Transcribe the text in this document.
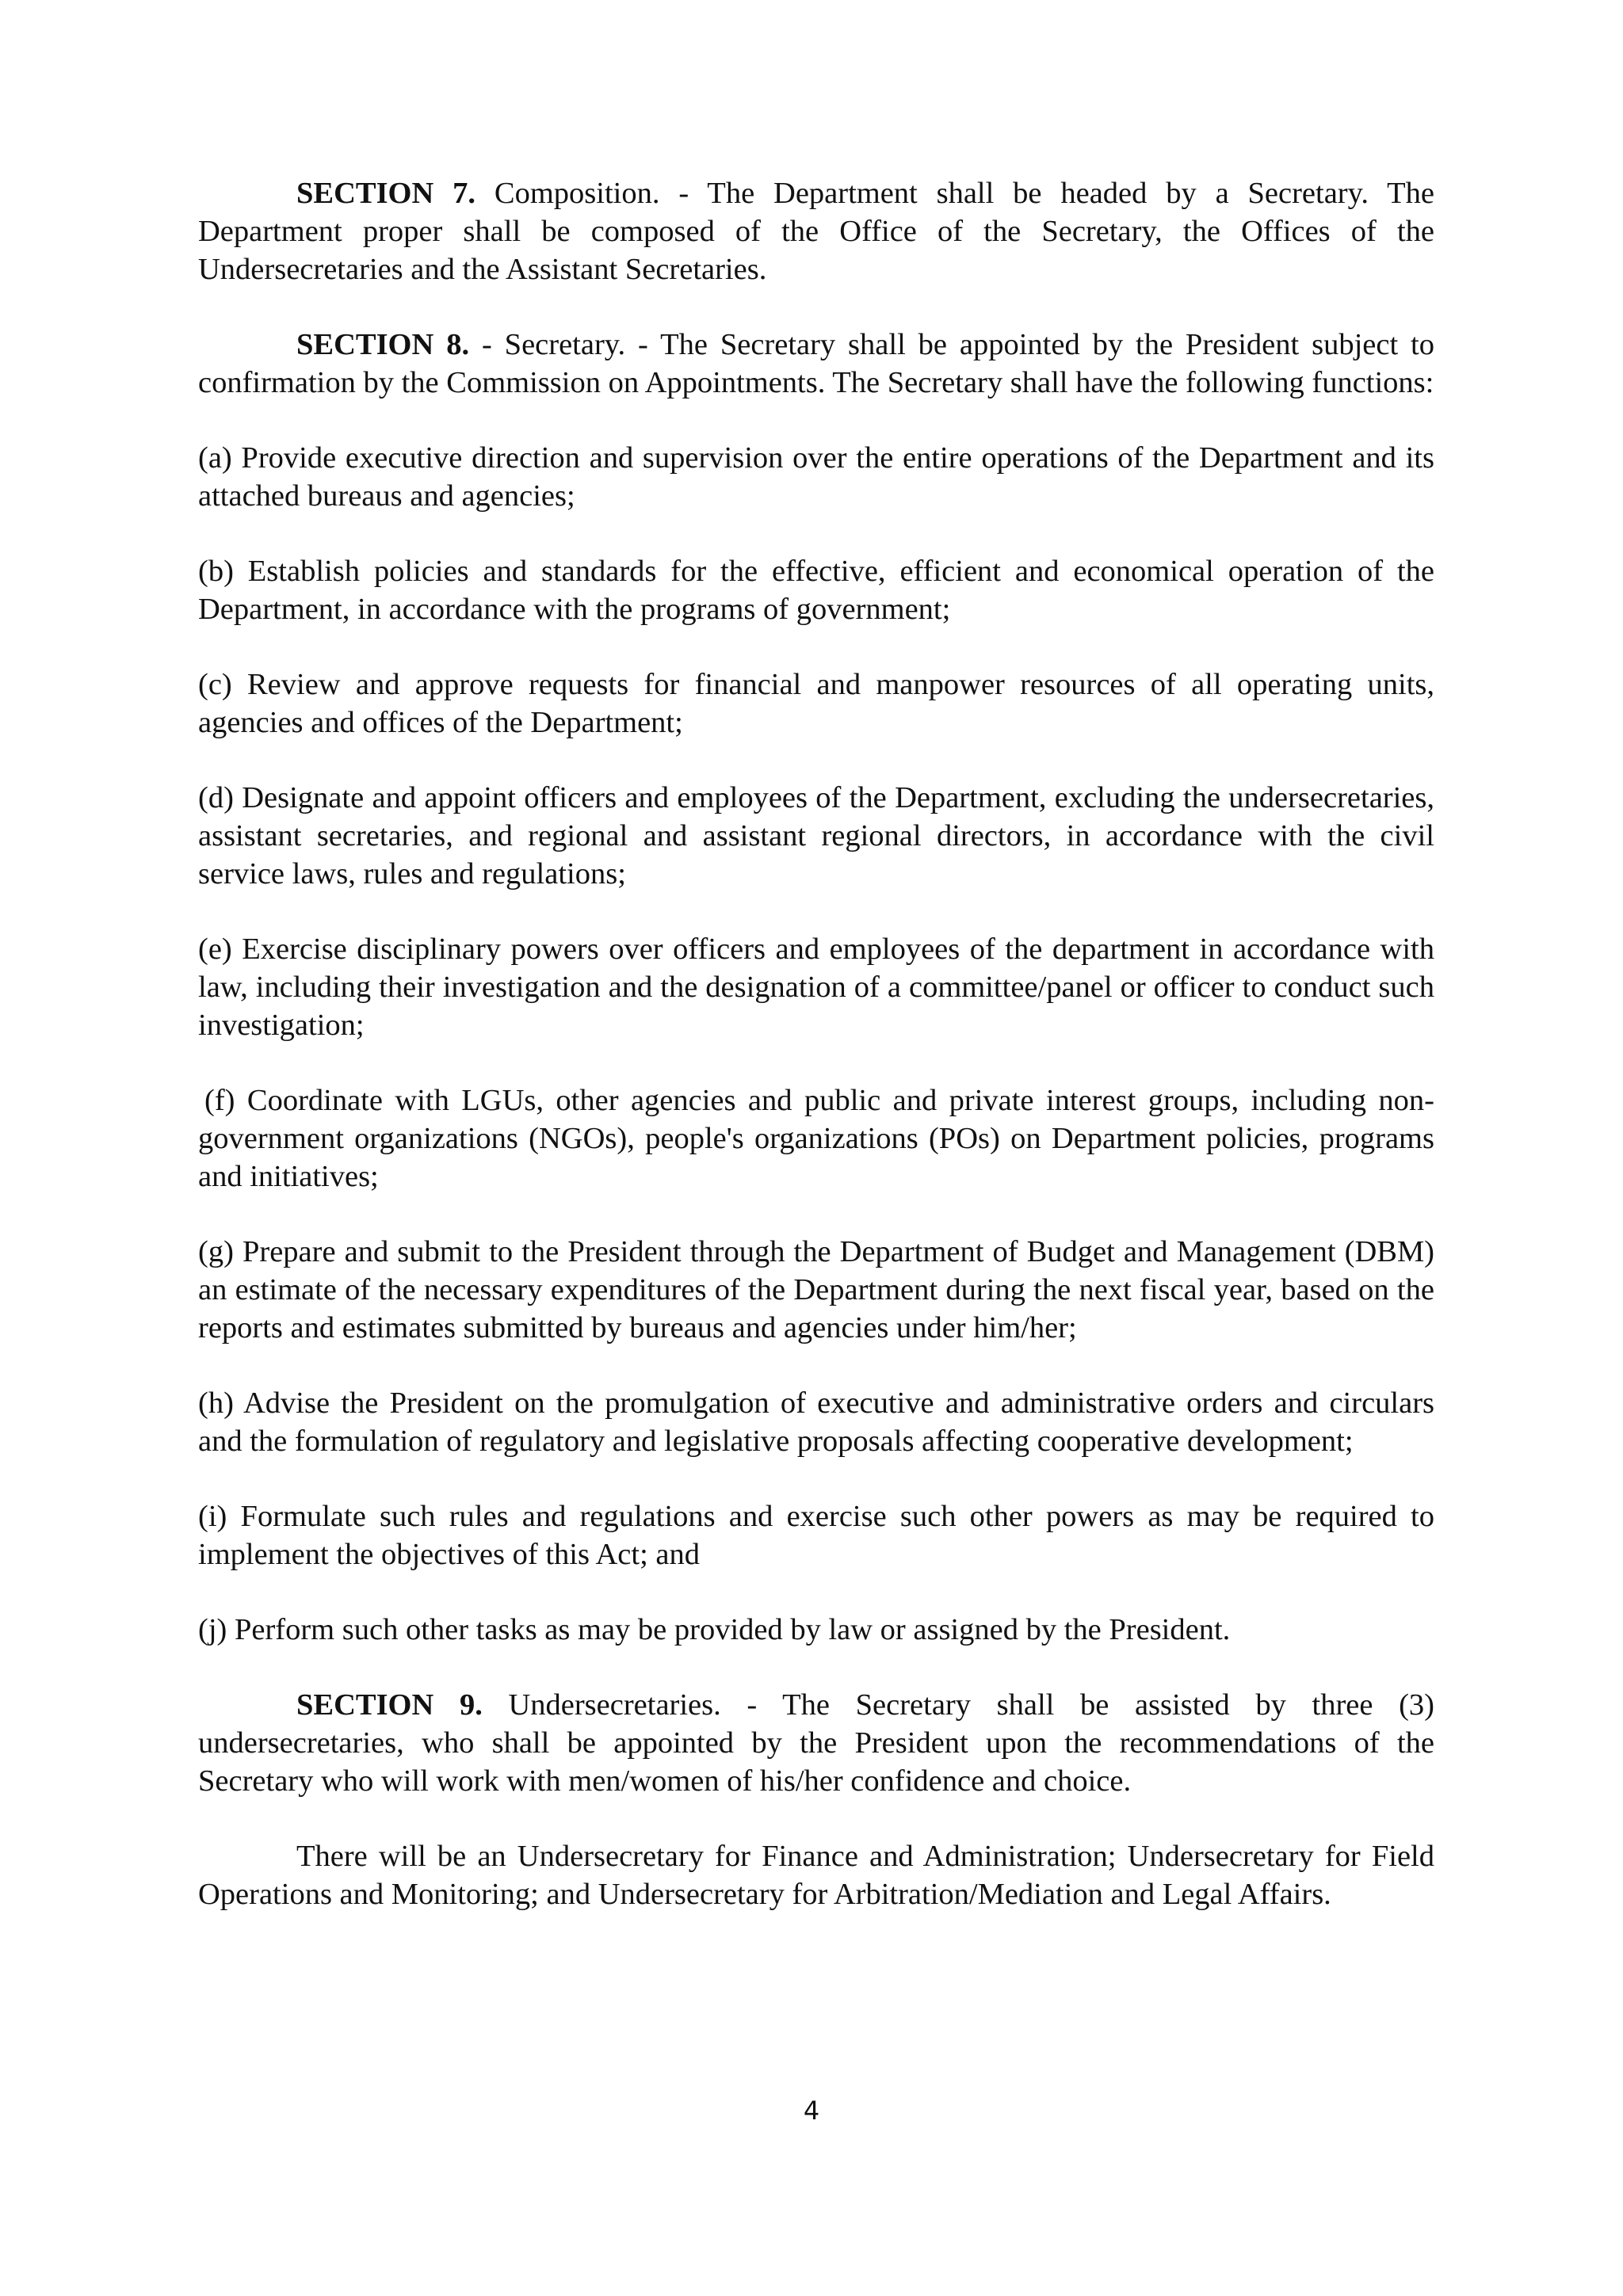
SECTION 7. Composition. - The Department shall be headed by a Secretary. The Department proper shall be composed of the Office of the Secretary, the Offices of the Undersecretaries and the Assistant Secretaries.

SECTION 8. - Secretary. - The Secretary shall be appointed by the President subject to confirmation by the Commission on Appointments. The Secretary shall have the following functions:

(a) Provide executive direction and supervision over the entire operations of the Department and its attached bureaus and agencies;

(b) Establish policies and standards for the effective, efficient and economical operation of the Department, in accordance with the programs of government;

(c) Review and approve requests for financial and manpower resources of all operating units, agencies and offices of the Department;

(d) Designate and appoint officers and employees of the Department, excluding the undersecretaries, assistant secretaries, and regional and assistant regional directors, in accordance with the civil service laws, rules and regulations;

(e) Exercise disciplinary powers over officers and employees of the department in accordance with law, including their investigation and the designation of a committee/panel or officer to conduct such investigation;

(f) Coordinate with LGUs, other agencies and public and private interest groups, including non-government organizations (NGOs), people's organizations (POs) on Department policies, programs and initiatives;

(g) Prepare and submit to the President through the Department of Budget and Management (DBM) an estimate of the necessary expenditures of the Department during the next fiscal year, based on the reports and estimates submitted by bureaus and agencies under him/her;

(h) Advise the President on the promulgation of executive and administrative orders and circulars and the formulation of regulatory and legislative proposals affecting cooperative development;

(i) Formulate such rules and regulations and exercise such other powers as may be required to implement the objectives of this Act; and

(j) Perform such other tasks as may be provided by law or assigned by the President.

SECTION 9. Undersecretaries. - The Secretary shall be assisted by three (3) undersecretaries, who shall be appointed by the President upon the recommendations of the Secretary who will work with men/women of his/her confidence and choice.

There will be an Undersecretary for Finance and Administration; Undersecretary for Field Operations and Monitoring; and Undersecretary for Arbitration/Mediation and Legal Affairs.

4
